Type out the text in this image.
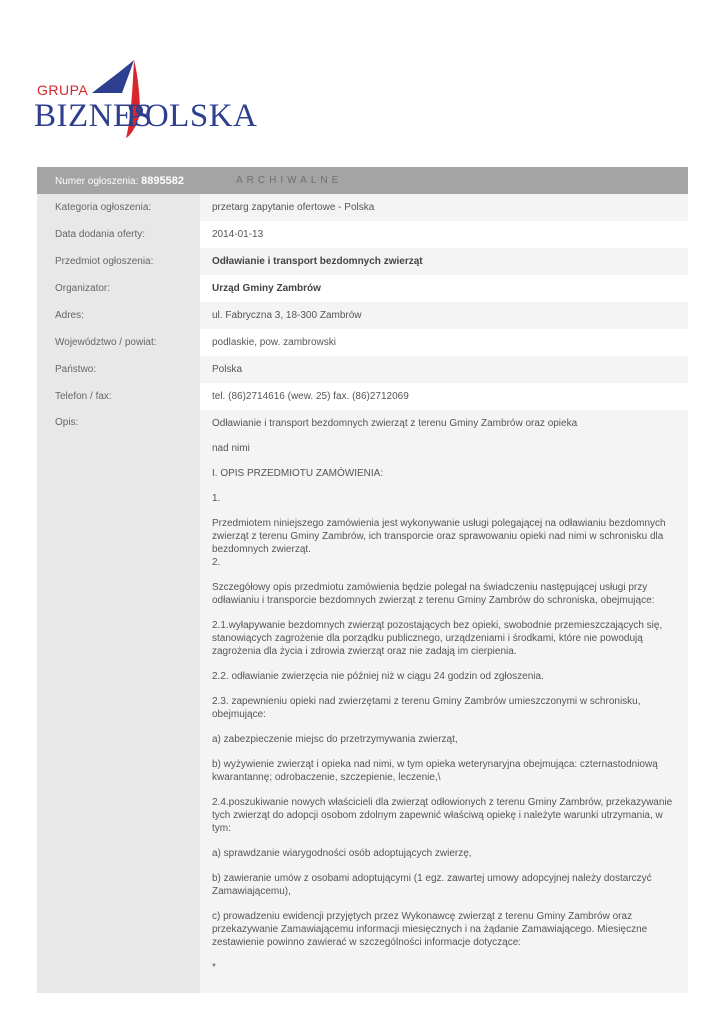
GRUPA
BIZNES
POLSKA
Numer ogłoszenia: 8895582	ARCHIWALNE
Kategoria ogłoszenia:	przetarg zapytanie ofertowe - Polska
Data dodania oferty:	2014-01-13
Przedmiot ogłoszenia:	Odławianie i transport bezdomnych zwierząt
Organizator:	Urząd Gminy Zambrów
Adres:	ul. Fabryczna 3, 18-300 Zambrów
Województwo / powiat:	podlaskie, pow. zambrowski
Państwo:	Polska
Telefon / fax:	tel. (86)2714616 (wew. 25) fax. (86)2712069
Opis:	Odławianie i transport bezdomnych zwierząt z terenu Gminy Zambrów oraz opieka

nad nimi

I. OPIS PRZEDMIOTU ZAMÓWIENIA:

1.

Przedmiotem niniejszego zamówienia jest wykonywanie usługi polegającej na odławianiu bezdomnych zwierząt z terenu Gminy Zambrów, ich transporcie oraz sprawowaniu opieki nad nimi w schronisku dla bezdomnych zwierząt.
2.

Szczegółowy opis przedmiotu zamówienia będzie polegał na świadczeniu następującej usługi przy odławianiu i transporcie bezdomnych zwierząt z terenu Gminy Zambrów do schroniska, obejmujące:

2.1.wyłapywanie bezdomnych zwierząt pozostających bez opieki, swobodnie przemieszczających się, stanowiących zagrożenie dla porządku publicznego, urządzeniami i środkami, które nie powodują zagrożenia dla życia i zdrowia zwierząt oraz nie zadają im cierpienia.

2.2. odławianie zwierzęcia nie później niż w ciągu 24 godzin od zgłoszenia.

2.3. zapewnieniu opieki nad zwierzętami z terenu Gminy Zambrów umieszczonymi w schronisku, obejmujące:

a) zabezpieczenie miejsc do przetrzymywania zwierząt,

b) wyżywienie zwierząt i opieka nad nimi, w tym opieka weterynaryjna obejmująca: czternastodniową kwarantannę; odrobaczenie, szczepienie, leczenie,\

2.4.poszukiwanie nowych właścicieli dla zwierząt odłowionych z terenu Gminy Zambrów, przekazywanie tych zwierząt do adopcji osobom zdolnym zapewnić właściwą opiekę i należyte warunki utrzymania, w tym:

a) sprawdzanie wiarygodności osób adoptujących zwierzę,

b) zawieranie umów z osobami adoptującymi (1 egz. zawartej umowy adopcyjnej należy dostarczyć Zamawiającemu),

c) prowadzeniu ewidencji przyjętych przez Wykonawcę zwierząt z terenu Gminy Zambrów oraz przekazywanie Zamawiającemu informacji miesięcznych i na żądanie Zamawiającego. Miesięczne zestawienie powinno zawierać w szczególności informacje dotyczące:

*
